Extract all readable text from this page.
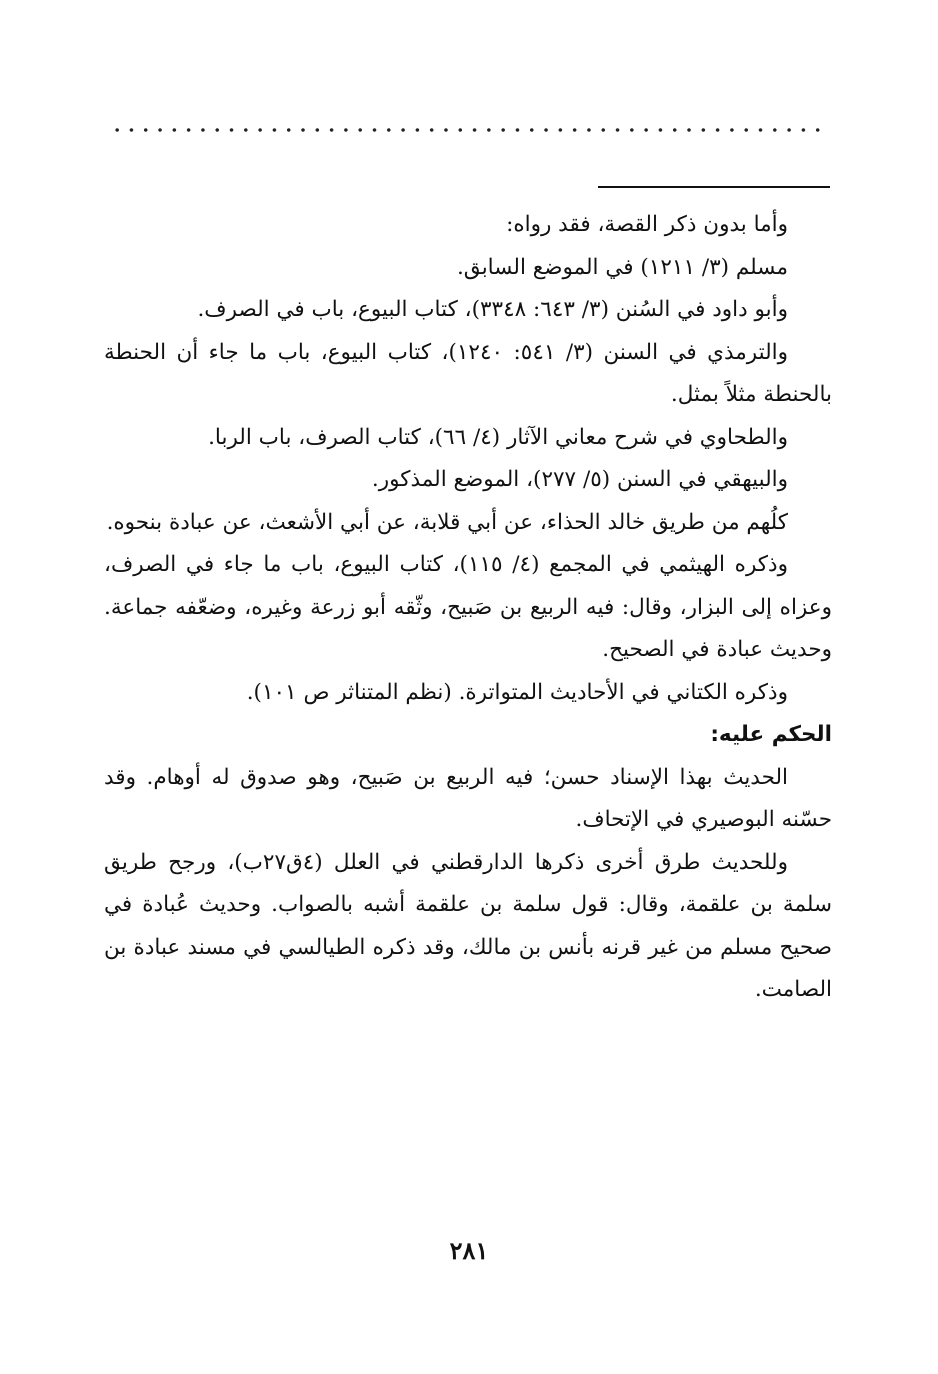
وأما بدون ذكر القصة، فقد رواه:

مسلم (٣/ ١٢١١) في الموضع السابق.

وأبو داود في السُنن (٣/ ٦٤٣: ٣٣٤٨)، كتاب البيوع، باب في الصرف.

والترمذي في السنن (٣/ ٥٤١: ١٢٤٠)، كتاب البيوع، باب ما جاء أن الحنطة بالحنطة مثلاً بمثل.

والطحاوي في شرح معاني الآثار (٤/ ٦٦)، كتاب الصرف، باب الربا.

والبيهقي في السنن (٥/ ٢٧٧)، الموضع المذكور.

كلُهم من طريق خالد الحذاء، عن أبي قلابة، عن أبي الأشعث، عن عبادة بنحوه.

وذكره الهيثمي في المجمع (٤/ ١١٥)، كتاب البيوع، باب ما جاء في الصرف، وعزاه إلى البزار، وقال: فيه الربيع بن صَبيح، وثّقه أبو زرعة وغيره، وضعّفه جماعة. وحديث عبادة في الصحيح.

وذكره الكتاني في الأحاديث المتواترة. (نظم المتناثر ص ١٠١).

الحكم عليه:

الحديث بهذا الإسناد حسن؛ فيه الربيع بن صَبيح، وهو صدوق له أوهام. وقد حسّنه البوصيري في الإتحاف.

وللحديث طرق أخرى ذكرها الدارقطني في العلل (٤ق٢٧ب)، ورجح طريق سلمة بن علقمة، وقال: قول سلمة بن علقمة أشبه بالصواب. وحديث عُبادة في صحيح مسلم من غير قرنه بأنس بن مالك، وقد ذكره الطيالسي في مسند عبادة بن الصامت.

٢٨١
